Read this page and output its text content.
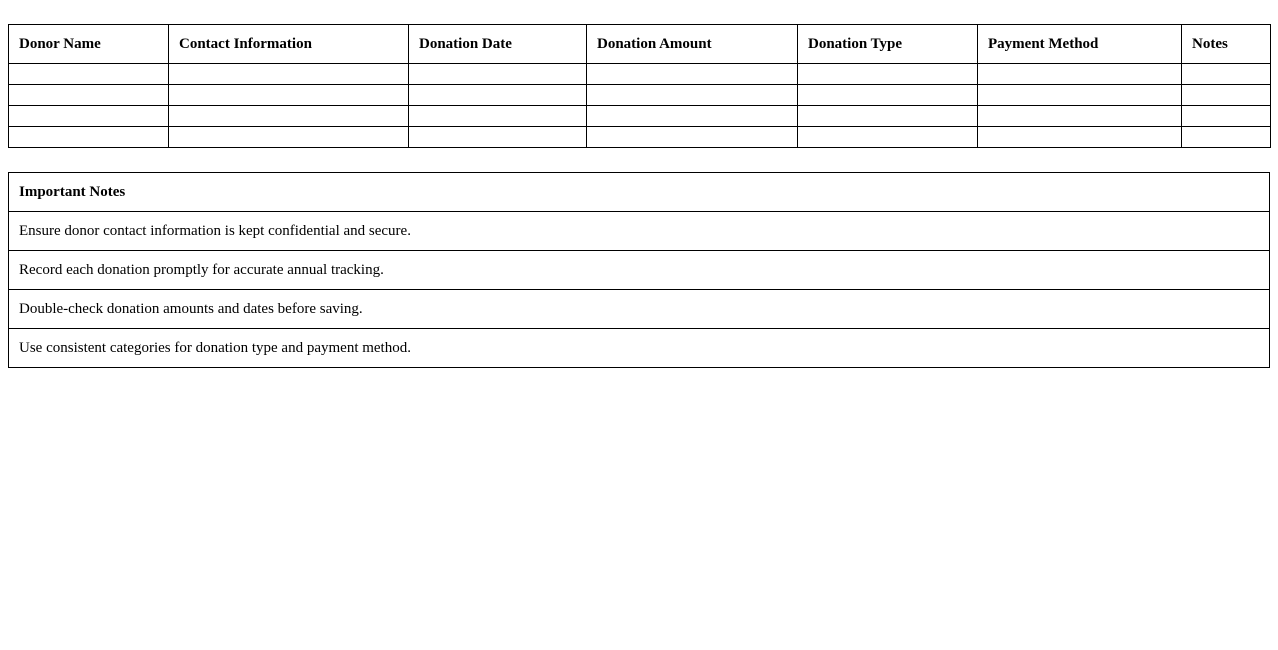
Donor Name	Contact Information	Donation Date	Donation Amount	Donation Type	Payment Method	Notes

Important Notes
Ensure donor contact information is kept confidential and secure.
Record each donation promptly for accurate annual tracking.
Double-check donation amounts and dates before saving.
Use consistent categories for donation type and payment method.
